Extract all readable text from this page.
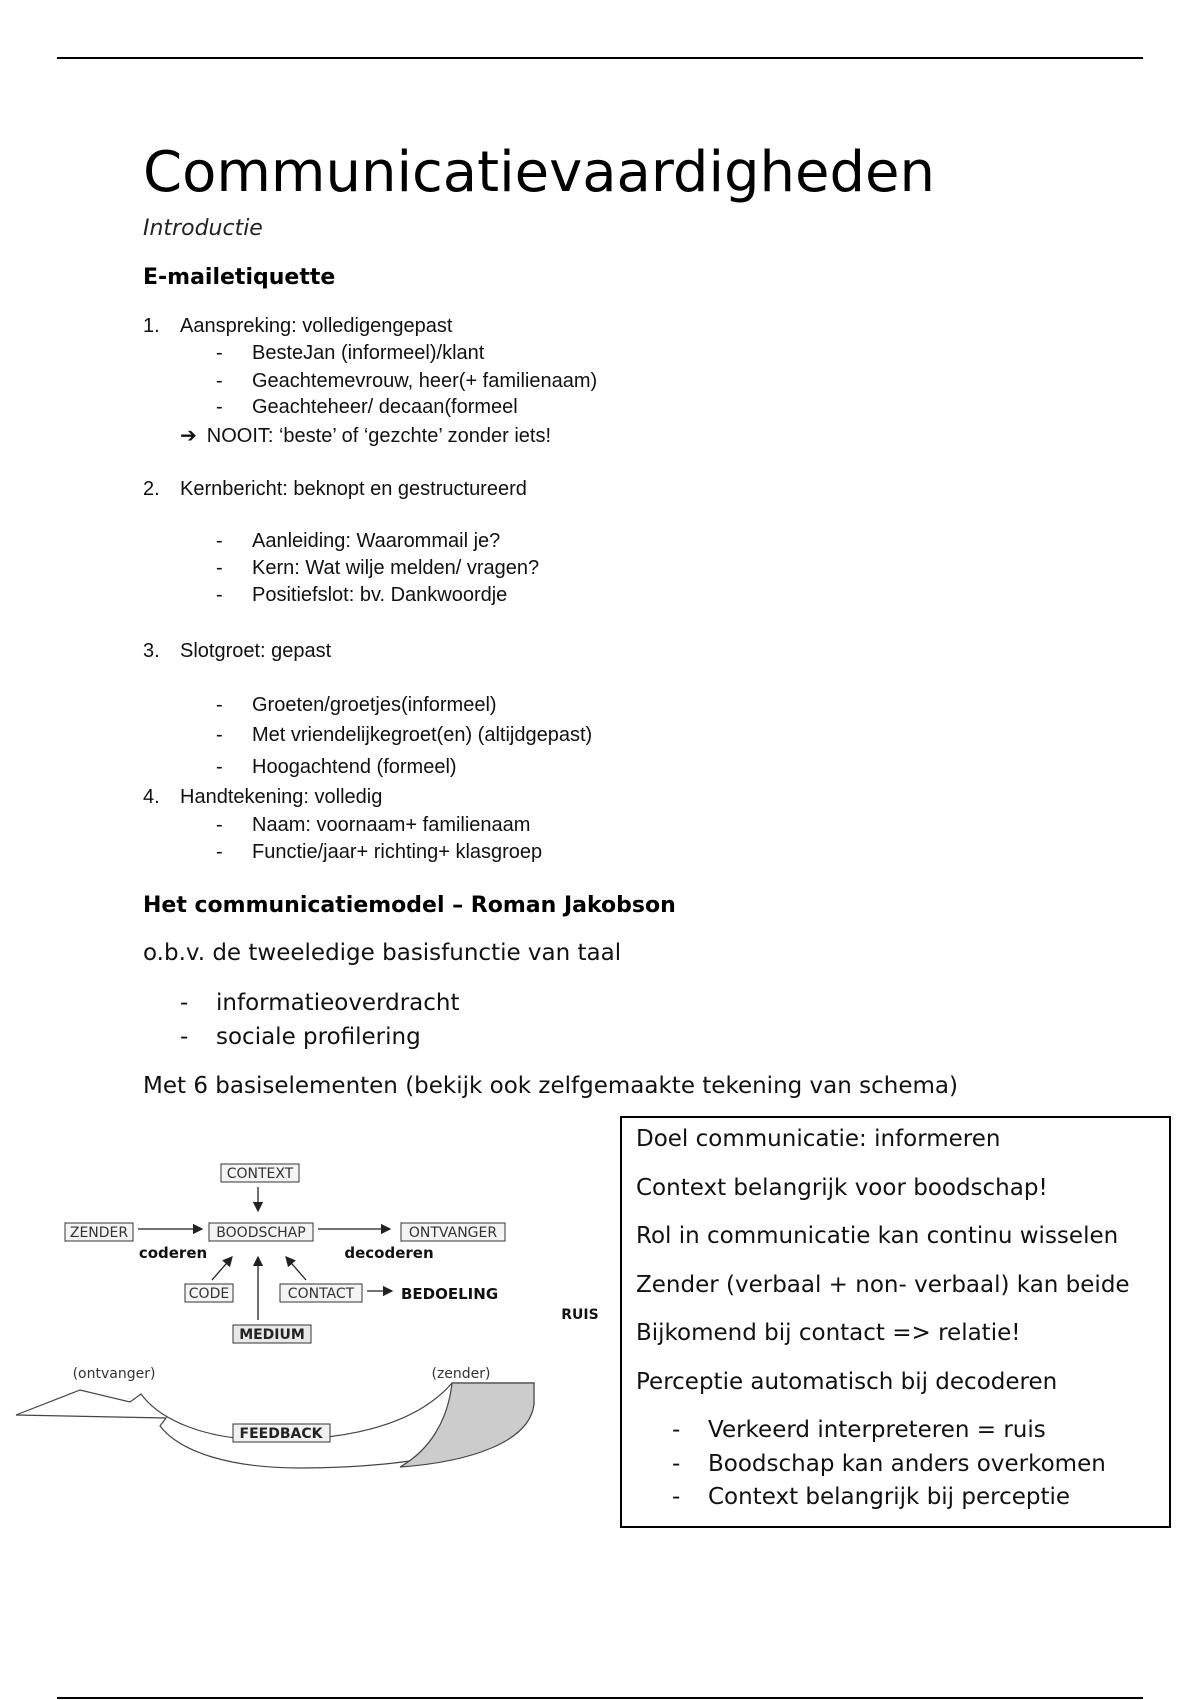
Communicatievaardigheden
Introductie
E-mailetiquette
1. Aanspreking: volledigengepast
- BesteJan (informeel)/klant
- Geachtemevrouw, heer(+ familienaam)
- Geachteheer/ decaan(formeel
➔ NOOIT: ‘beste’ of ‘gezchte’ zonder iets!
2. Kernbericht: beknopt en gestructureerd
- Aanleiding: Waarommail je?
- Kern: Wat wilje melden/ vragen?
- Positiefslot: bv. Dankwoordje
3. Slotgroet: gepast
- Groeten/groetjes(informeel)
- Met vriendelijkegroet(en) (altijdgepast)
- Hoogachtend (formeel)
4. Handtekening: volledig
- Naam: voornaam+ familienaam
- Functie/jaar+ richting+ klasgroep
Het communicatiemodel – Roman Jakobson
o.b.v. de tweeledige basisfunctie van taal
- informatieoverdracht
- sociale profilering
Met 6 basiselementen (bekijk ook zelfgemaakte tekening van schema)
CONTEXT
ZENDER	BOODSCHAP	ONTVANGER
CODE	CONTACT
MEDIUM
coderen	decoderen
BEDOELING
RUIS
(ontvanger)	(zender)
FEEDBACK
Doel communicatie: informeren
Context belangrijk voor boodschap!
Rol in communicatie kan continu wisselen
Zender (verbaal + non- verbaal) kan beide
Bijkomend bij contact => relatie!
Perceptie automatisch bij decoderen
- Verkeerd interpreteren = ruis
- Boodschap kan anders overkomen
- Context belangrijk bij perceptie
